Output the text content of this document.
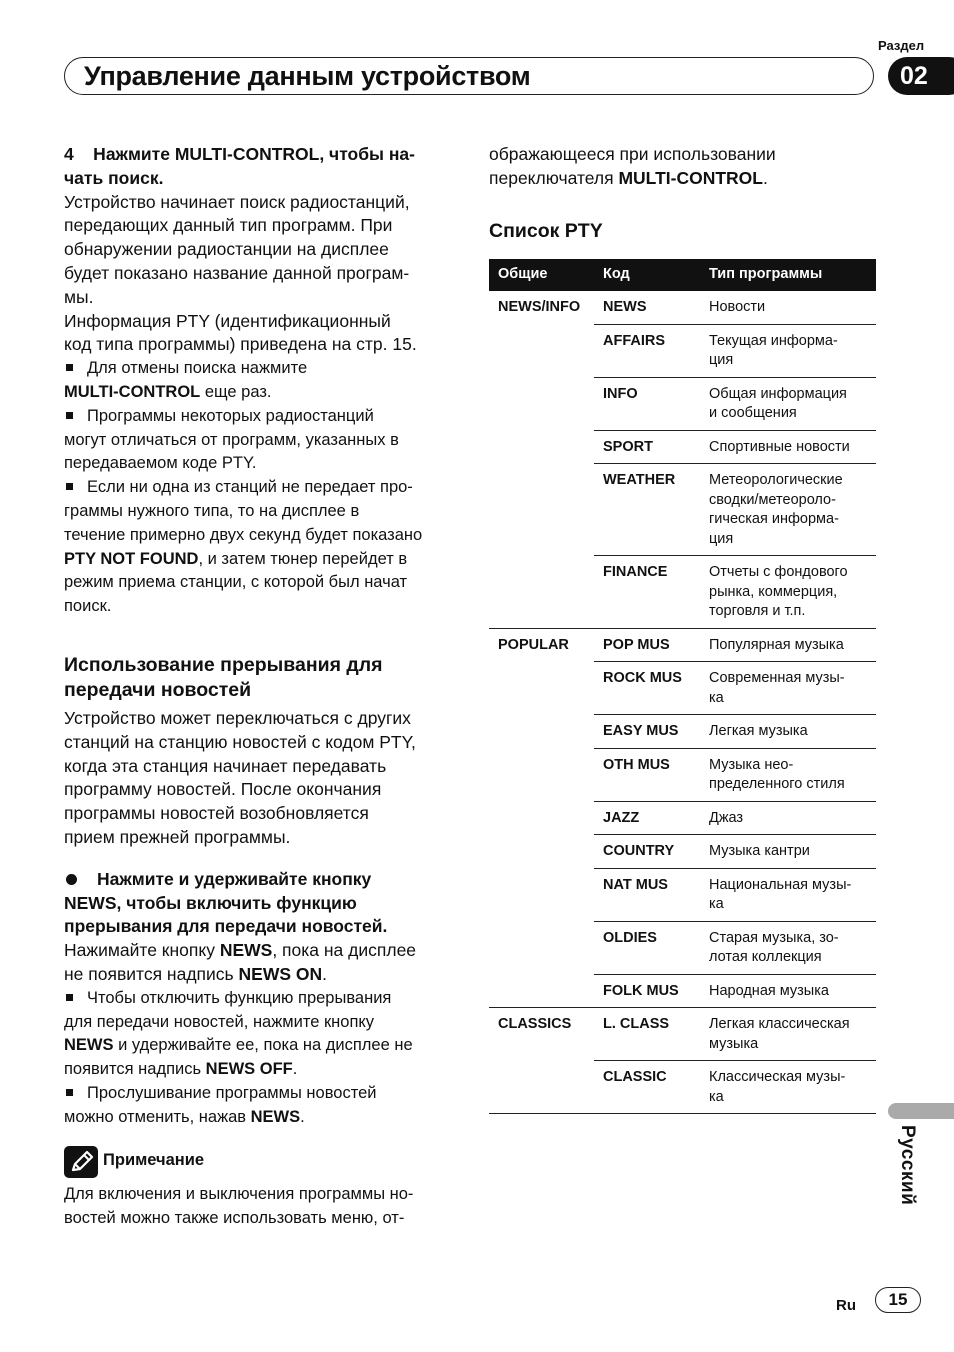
Раздел
Управление данным устройством	02

4    Нажмите MULTI-CONTROL, чтобы на-
чать поиск.

Устройство начинает поиск радиостанций,
передающих данный тип программ. При
обнаружении радиостанции на дисплее
будет показано название данной програм-
мы.

Информация PTY (идентификационный
код типа программы) приведена на стр. 15.

Для отмены поиска нажмите
MULTI-CONTROL еще раз.

Программы некоторых радиостанций
могут отличаться от программ, указанных в
передаваемом коде PTY.

Если ни одна из станций не передает про-
граммы нужного типа, то на дисплее в
течение примерно двух секунд будет показано
PTY NOT FOUND, и затем тюнер перейдет в
режим приема станции, с которой был начат
поиск.

Использование прерывания для
передачи новостей

Устройство может переключаться с других
станций на станцию новостей с кодом PTY,
когда эта станция начинает передавать
программу новостей. После окончания
программы новостей возобновляется
прием прежней программы.

Нажмите и удерживайте кнопку
NEWS, чтобы включить функцию
прерывания для передачи новостей.

Нажимайте кнопку NEWS, пока на дисплее
не появится надпись NEWS ON.

Чтобы отключить функцию прерывания
для передачи новостей, нажмите кнопку
NEWS и удерживайте ее, пока на дисплее не
появится надпись NEWS OFF.

Прослушивание программы новостей
можно отменить, нажав NEWS.

Примечание
Для включения и выключения программы но-
востей можно также использовать меню, от-

ображающееся при использовании
переключателя MULTI-CONTROL.

Список PTY
Общие	Код	Тип программы
NEWS/INFO	NEWS	Новости
	AFFAIRS	Текущая информа-
ция
	INFO	Общая информация
и сообщения
	SPORT	Спортивные новости
	WEATHER	Метеорологические
сводки/метеороло-
гическая информа-
ция
	FINANCE	Отчеты с фондового
рынка, коммерция,
торговля и т.п.
POPULAR	POP MUS	Популярная музыка
	ROCK MUS	Современная музы-
ка
	EASY MUS	Легкая музыка
	OTH MUS	Музыка нео-
пределенного стиля
	JAZZ	Джаз
	COUNTRY	Музыка кантри
	NAT MUS	Национальная музы-
ка
	OLDIES	Старая музыка, зо-
лотая коллекция
	FOLK MUS	Народная музыка
CLASSICS	L. CLASS	Легкая классическая
музыка
	CLASSIC	Классическая музы-
ка
Русский
Ru	15
